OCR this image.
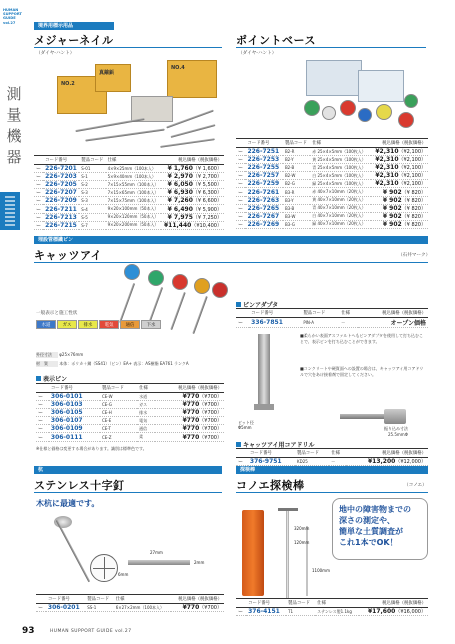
HUMAN SUPPORT GUIDE vol.27
測
量
機
器
境界用標示用品
メジャーネイル
（ダイヤ-ハント）
NO.2
真鍮鋲
NO.4
	コード番号	製品コード	仕様	税込価格（税抜価格）
ー	226-7201	S-01	4×9×25mm（100本入）	¥ 1,760（¥ 1,600）
ー	226-7203	S-1	5×9×40mm（100本入）	¥ 2,970（¥ 2,700）
ー	226-7205	S-2	7×15×55mm（100本入）	¥ 6,050（¥ 5,500）
ー	226-7207	S-3	7×15×65mm（100本入）	¥ 6,930（¥ 6,300）
ー	226-7209	S-3	7×15×75mm（100本入）	¥ 7,260（¥ 6,600）
ー	226-7211	S-4	9×20×100mm（50本入）	¥ 6,490（¥ 5,900）
ー	226-7213	S-5	9×20×120mm（50本入）	¥ 7,975（¥ 7,250）
ー	226-7215	S-7	9×20×200mm（50本入）	¥11,440（¥10,400）
ポイントベース
（ダイヤ-ハント）
	コード番号	製品コード	仕様	税込価格（税抜価格）
ー	226-7251	B2-R	赤 25×4×5mm（100枚入）	¥2,310（¥2,100）
ー	226-7253	B2-Y	黄 25×4×5mm（100枚入）	¥2,310（¥2,100）
ー	226-7255	B2-B	青 25×4×5mm（100枚入）	¥2,310（¥2,100）
ー	226-7257	B2-W	白 25×4×5mm（100枚入）	¥2,310（¥2,100）
ー	226-7259	B2-G	緑 25×4×5mm（100枚入）	¥2,310（¥2,100）
ー	226-7261	B3-R	赤 40×7×10mm（20枚入）	¥ 902（¥ 820）
ー	226-7263	B3-Y	黄 40×7×10mm（20枚入）	¥ 902（¥ 820）
ー	226-7265	B3-B	青 40×7×10mm（20枚入）	¥ 902（¥ 820）
ー	226-7267	B3-W	白 40×7×10mm（20枚入）	¥ 902（¥ 820）
ー	226-7269	B3-G	緑 40×7×10mm（20枚入）	¥ 902（¥ 820）
埋設管標識ピン
キャッツアイ	（石井マーク）
一般表示と施工性状
水道	ガス	排水	電気	通信	下水
外径寸法 φ25×76mm
材　質	本体：ポリカ＋鋼（SS41）（ピン）EA+ 表示：AS樹脂 EA761 ランクA
表示ピン
	コード番号	製品コード	仕様	税込価格（税抜価格）
ー	306-0101	CE-W	水道	¥770（¥700）
ー	306-0103	CE-G	ガス	¥770（¥700）
ー	306-0105	CE-H	排水	¥770（¥700）
ー	306-0107	CE-E	電気	¥770（¥700）
ー	306-0109	CE-T	通信	¥770（¥700）
ー	306-0111	CE-Z	柔	¥770（¥700）
※仕様と価格は変更する場合があります。識別は標準色です。
ピンアダプタ
	コード番号	製品コード	仕様	税込価格（税抜価格）
ー	336-7851	PIN-A	ー	オープン価格
ピット径
Φ5mm
■柔らかい表面アスファルトへもピンアダプタを使用して打ち込むことで、表示ピンを打ち込むことができます。
■コンクリートや硬質面への設置の場合は、キャッツアイ用コアドリルで穴をあけ接着剤で固定してください。
振り込み寸法
25.5mmΦ
キャッツアイ用コアドリル
	コード番号	製品コード	仕様	税込価格（税抜価格）
ー	376-9751	KD25	ー	¥13,200（¥12,000）
杭
ステンレス十字釘
木杭に最適です。
27mm
2mm
6mm
	コード番号	製品コード	仕様	税込価格（税抜価格）
ー	306-0201	SS-1	6×27×2mm（100本入）	¥770（¥700）
探検棒
コノエ探検棒	（コノエ）
320mm
120mm
1100mm
地中の障害物までの
深さの測定や、
簡単な土質調査が
これ1本でOK！
	コード番号	製品コード	仕様	税込価格（税抜価格）
ー	376-4151	T1	ステンレス製1.1kg	¥17,600（¥16,000）
93	HUMAN SUPPORT GUIDE vol.27
